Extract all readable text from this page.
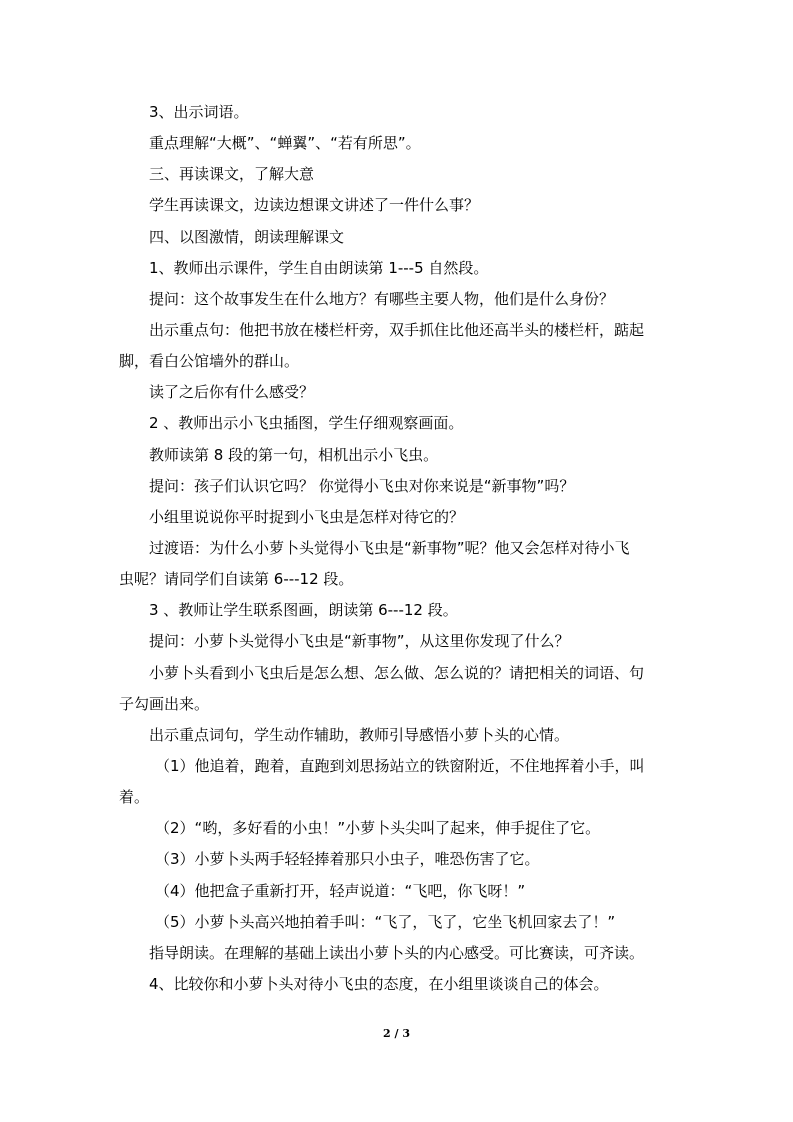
3、出示词语。
重点理解“大概”、“蝉翼”、“若有所思”。
三、再读课文，了解大意
学生再读课文，边读边想课文讲述了一件什么事？
四、以图激情，朗读理解课文
1、教师出示课件，学生自由朗读第 1---5 自然段。
提问：这个故事发生在什么地方？有哪些主要人物，他们是什么身份？
出示重点句：他把书放在楼栏杆旁，双手抓住比他还高半头的楼栏杆，踮起
脚，看白公馆墙外的群山。
读了之后你有什么感受？
2 、教师出示小飞虫插图，学生仔细观察画面。
教师读第 8 段的第一句，相机出示小飞虫。
提问：孩子们认识它吗？ 你觉得小飞虫对你来说是“新事物”吗？
小组里说说你平时捉到小飞虫是怎样对待它的？
过渡语：为什么小萝卜头觉得小飞虫是“新事物”呢？他又会怎样对待小飞
虫呢？请同学们自读第 6---12 段。
3 、教师让学生联系图画，朗读第 6---12 段。
提问：小萝卜头觉得小飞虫是“新事物”，从这里你发现了什么？
小萝卜头看到小飞虫后是怎么想、怎么做、怎么说的？请把相关的词语、句
子勾画出来。
出示重点词句，学生动作辅助，教师引导感悟小萝卜头的心情。
（1）他追着，跑着，直跑到刘思扬站立的铁窗附近，不住地挥着小手，叫
着。
（2）“哟，多好看的小虫！”小萝卜头尖叫了起来，伸手捉住了它。
（3）小萝卜头两手轻轻捧着那只小虫子，唯恐伤害了它。
（4）他把盒子重新打开，轻声说道：“飞吧，你飞呀！”
（5）小萝卜头高兴地拍着手叫：“飞了，飞了，它坐飞机回家去了！”
指导朗读。在理解的基础上读出小萝卜头的内心感受。可比赛读，可齐读。
4、比较你和小萝卜头对待小飞虫的态度，在小组里谈谈自己的体会。
2 / 3
